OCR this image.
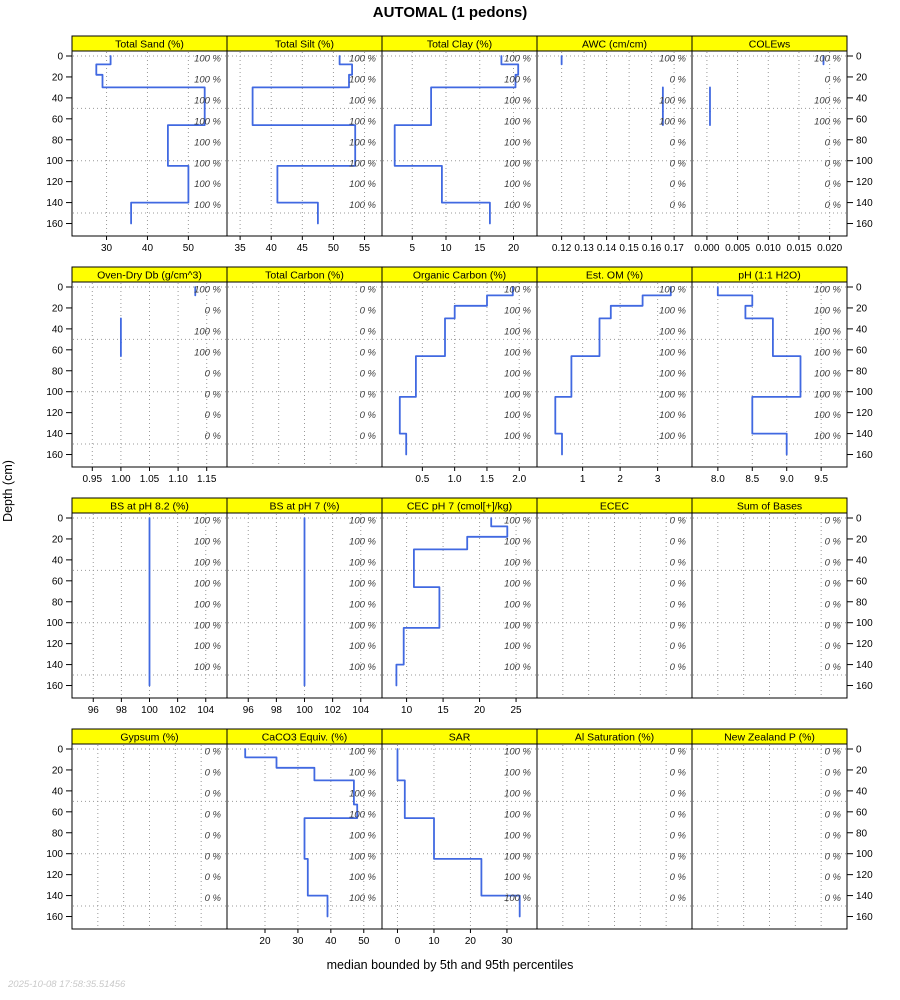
AUTOMAL (1 pedons)
Depth (cm)
100 %
100 %
100 %
100 %
100 %
100 %
100 %
100 %
30	40	50
Total Sand (%)
100 %
100 %
100 %
100 %
100 %
100 %
100 %
100 %
35 40 45 50 55
Total Silt (%)
100 %
100 %
100 %
100 %
100 %
100 %
100 %
100 %
5	10 15 20
Total Clay (%)
100 %
0 %
100 %
100 %
0 %
0 %
0 %
0 %
0.12 0.13 0.14 0.15 0.16 0.17
AWC (cm/cm)
100 %
0 %
100 %
100 %
0 %
0 %
0 %
0 %
0.000 0.005 0.010 0.015 0.020
COLEws
100 %
0 %
100 %
100 %
0 %
0 %
0 %
0 %
0.95 1.00 1.05 1.10 1.15
Oven-Dry Db (g/cm^3)
0 %
0 %
0 %
0 %
0 %
0 %
0 %
0 %
Total Carbon (%)
100 %
100 %
100 %
100 %
100 %
100 %
100 %
100 %
0.5 1.0 1.5 2.0
Organic Carbon (%)
100 %
100 %
100 %
100 %
100 %
100 %
100 %
100 %
1	2	3
Est. OM (%)
100 %
100 %
100 %
100 %
100 %
100 %
100 %
100 %
8.0 8.5 9.0 9.5
pH (1:1 H2O)
100 %
100 %
100 %
100 %
100 %
100 %
100 %
100 %
96 98 100 102 104
BS at pH 8.2 (%)
100 %
100 %
100 %
100 %
100 %
100 %
100 %
100 %
96 98 100 102 104
BS at pH 7 (%)
100 %
100 %
100 %
100 %
100 %
100 %
100 %
100 %
10	15	20	25
CEC pH 7 (cmol[+]/kg)
0 %
0 %
0 %
0 %
0 %
0 %
0 %
0 %
ECEC
0 %
0 %
0 %
0 %
0 %
0 %
0 %
0 %
Sum of Bases
0 %
0 %
0 %
0 %
0 %
0 %
0 %
0 %
Gypsum (%)
100 %
100 %
100 %
100 %
100 %
100 %
100 %
100 %
20 30 40 50
CaCO3 Equiv. (%)
100 %
100 %
100 %
100 %
100 %
100 %
100 %
100 %
0	10	20	30
SAR
0 %
0 %
0 %
0 %
0 %
0 %
0 %
0 %
Al Saturation (%)
0 %
0 %
0 %
0 %
0 %
0 %
0 %
0 %
New Zealand P (%)
0	0
20	20
40	40
60	60
80	80
100	100
120	120
140	140
160	160
0	0
20	20
40	40
60	60
80	80
100	100
120	120
140	140
160	160
0	0
20	20
40	40
60	60
80	80
100	100
120	120
140	140
160	160
0	0
20	20
40	40
60	60
80	80
100	100
120	120
140	140
160	160
median bounded by 5th and 95th percentiles
2025-10-08 17:58:35.51456
